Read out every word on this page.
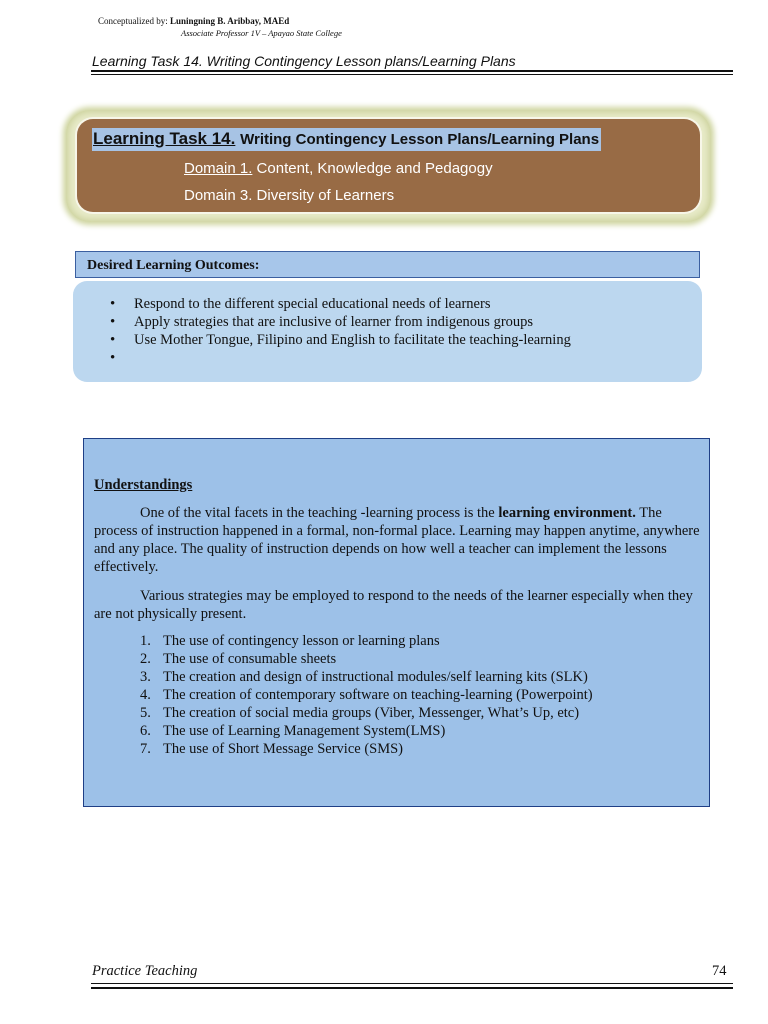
Conceptualized by: Luningning B. Aribbay, MAEd
Associate Professor 1V – Apayao State College
Learning Task 14. Writing Contingency Lesson plans/Learning Plans
Learning Task 14. Writing Contingency Lesson Plans/Learning Plans
Domain 1. Content, Knowledge and Pedagogy
Domain 3. Diversity of Learners
Desired Learning Outcomes:
• Respond to the different special educational needs of learners
• Apply strategies that are inclusive of learner from indigenous groups
• Use Mother Tongue, Filipino and English to facilitate the teaching-learning
•
Understandings

One of the vital facets in the teaching -learning process is the learning environment. The process of instruction happened in a formal, non-formal place. Learning may happen anytime, anywhere and any place. The quality of instruction depends on how well a teacher can implement the lessons effectively.

Various strategies may be employed to respond to the needs of the learner especially when they are not physically present.

1. The use of contingency lesson or learning plans
2. The use of consumable sheets
3. The creation and design of instructional modules/self learning kits (SLK)
4. The creation of contemporary software on teaching-learning (Powerpoint)
5. The creation of social media groups (Viber, Messenger, What’s Up, etc)
6. The use of Learning Management System(LMS)
7. The use of Short Message Service (SMS)
Practice Teaching	74
